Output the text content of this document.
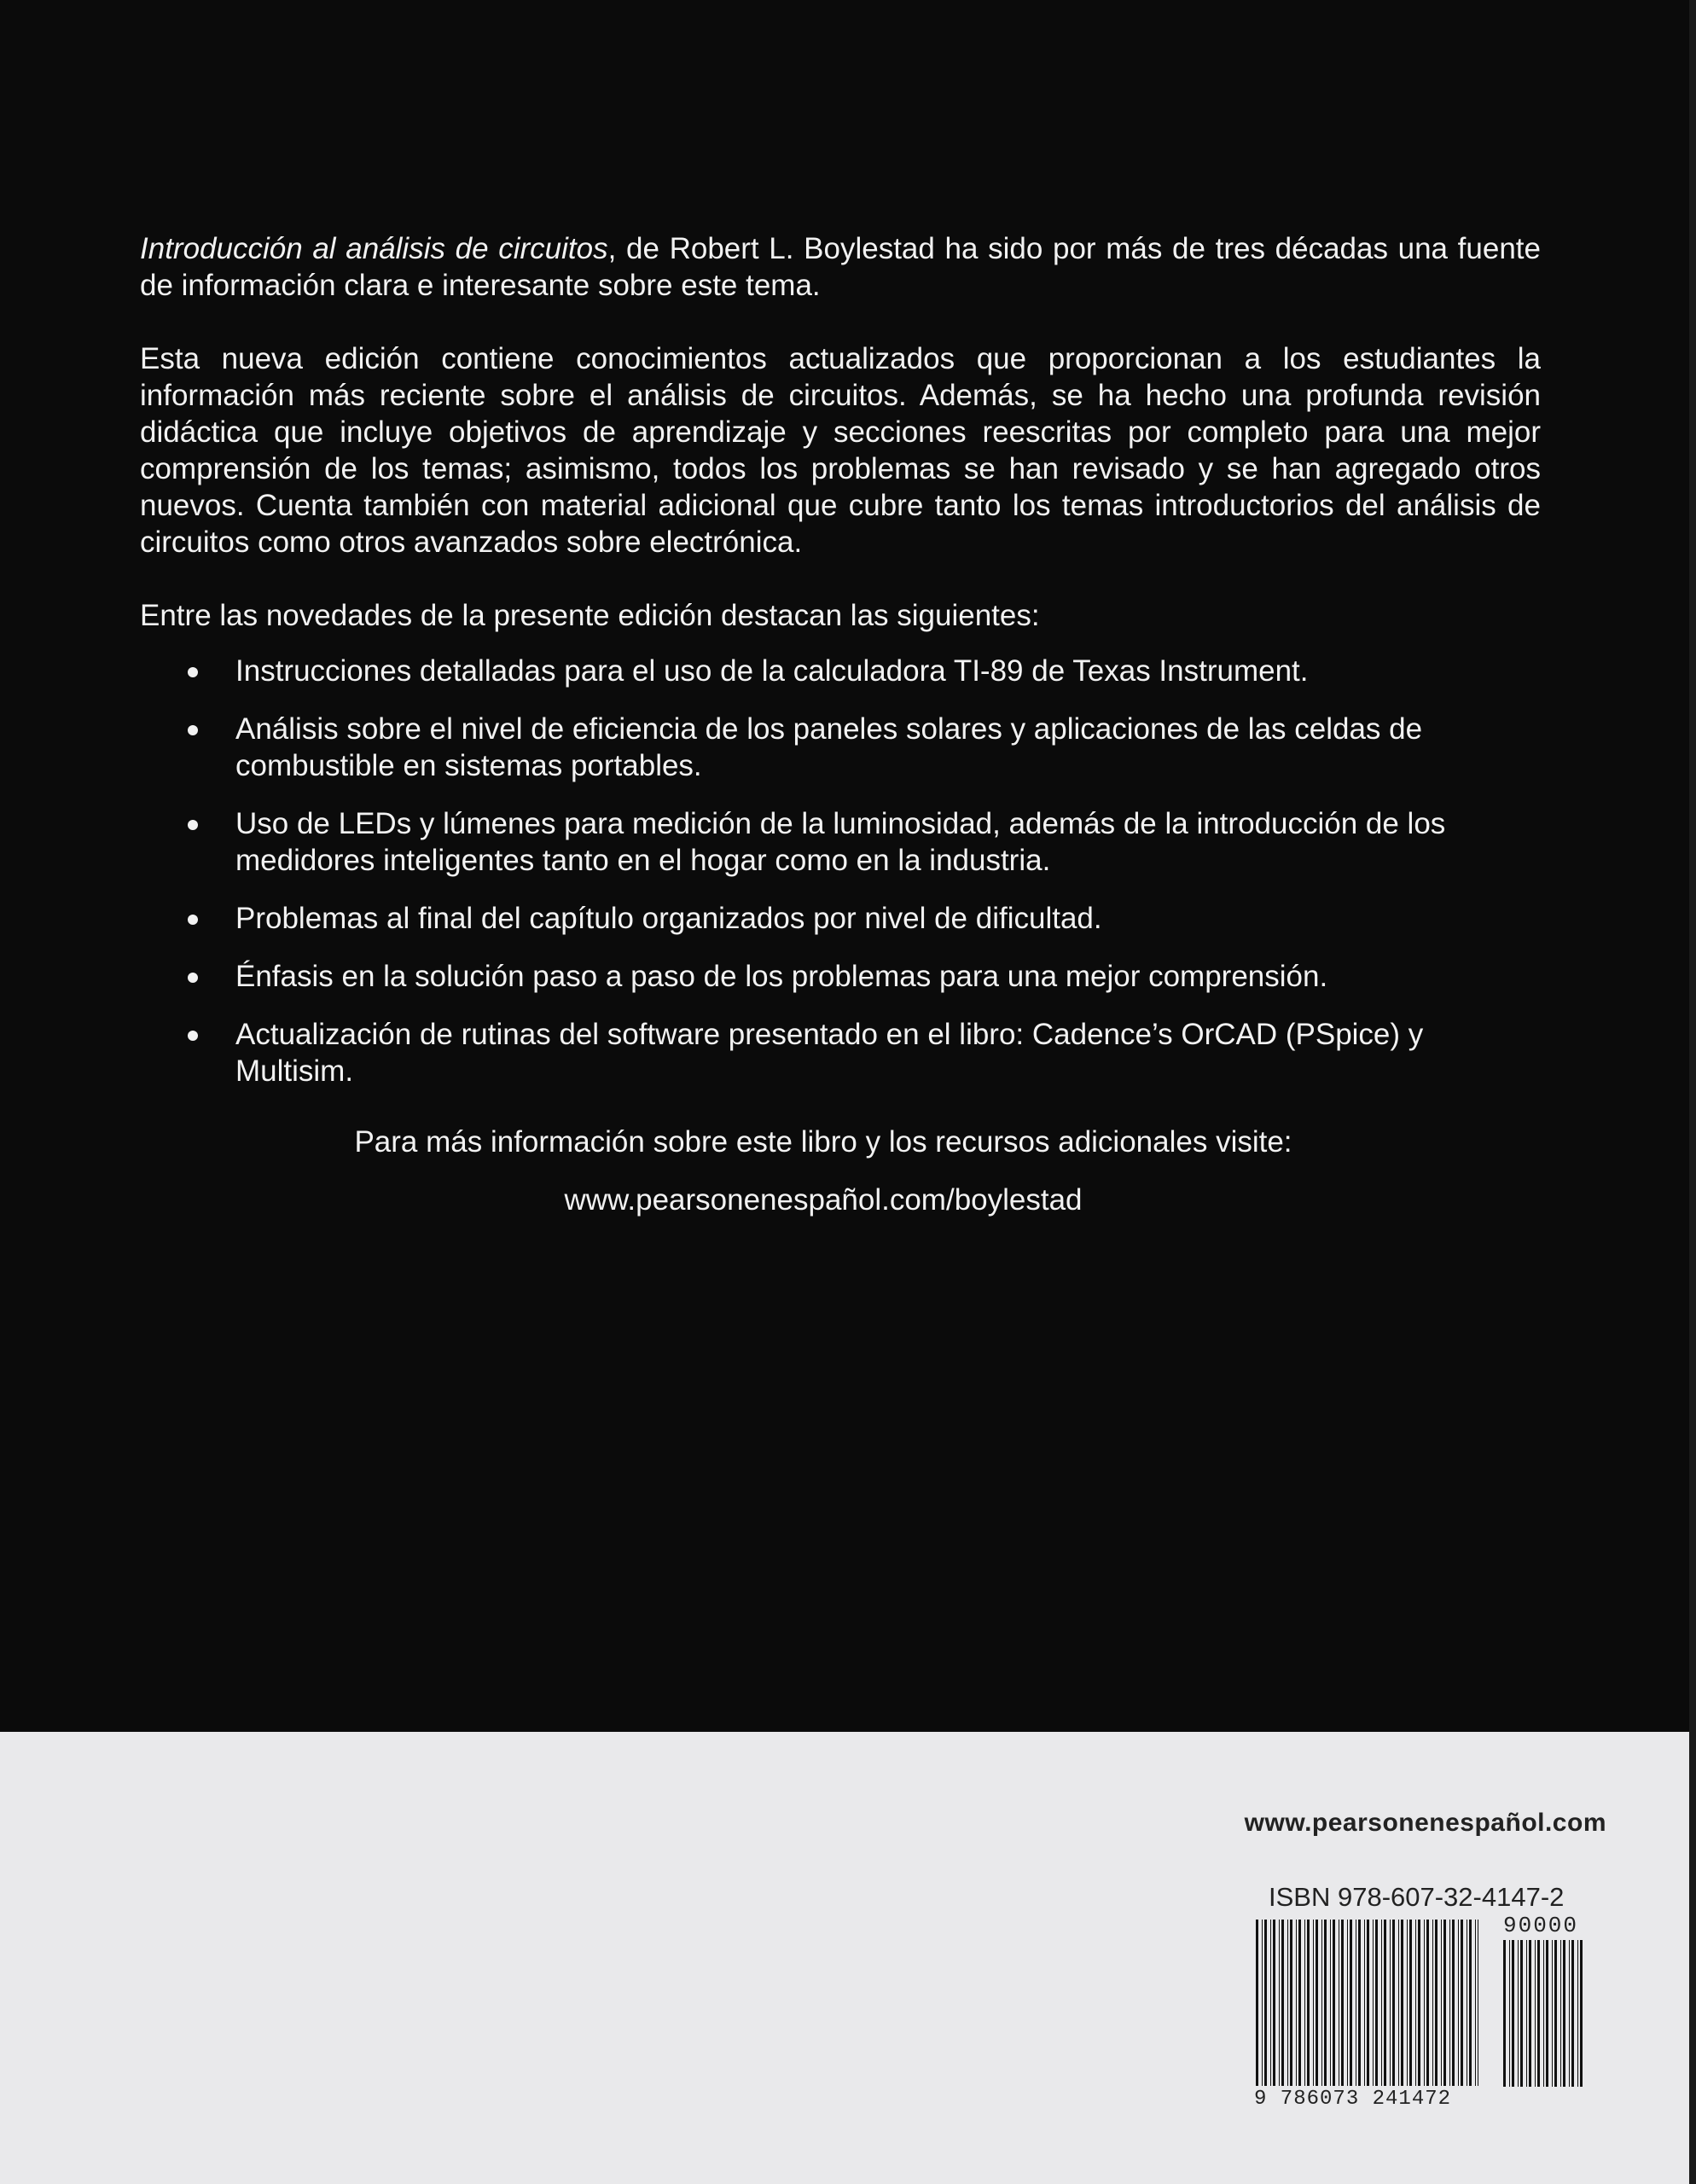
Introducción al análisis de circuitos, de Robert L. Boylestad ha sido por más de tres décadas una fuente de información clara e interesante sobre este tema.

Esta nueva edición contiene conocimientos actualizados que proporcionan a los estudiantes la información más reciente sobre el análisis de circuitos. Además, se ha hecho una profunda revisión didáctica que incluye objetivos de aprendizaje y secciones reescritas por completo para una mejor comprensión de los temas; asimismo, todos los problemas se han revisado y se han agregado otros nuevos. Cuenta también con material adicional que cubre tanto los temas introductorios del análisis de circuitos como otros avanzados sobre electrónica.

Entre las novedades de la presente edición destacan las siguientes:

Instrucciones detalladas para el uso de la calculadora TI-89 de Texas Instrument.
Análisis sobre el nivel de eficiencia de los paneles solares y aplicaciones de las celdas de combustible en sistemas portables.
Uso de LEDs y lúmenes para medición de la luminosidad, además de la introducción de los medidores inteligentes tanto en el hogar como en la industria.
Problemas al final del capítulo organizados por nivel de dificultad.
Énfasis en la solución paso a paso de los problemas para una mejor comprensión.
Actualización de rutinas del software presentado en el libro: Cadence’s OrCAD (PSpice) y Multisim.
Para más información sobre este libro y los recursos adicionales visite:
www.pearsonenespañol.com/boylestad
www.pearsonenespañol.com
ISBN 978-607-32-4147-2
90000
9 786073 241472
